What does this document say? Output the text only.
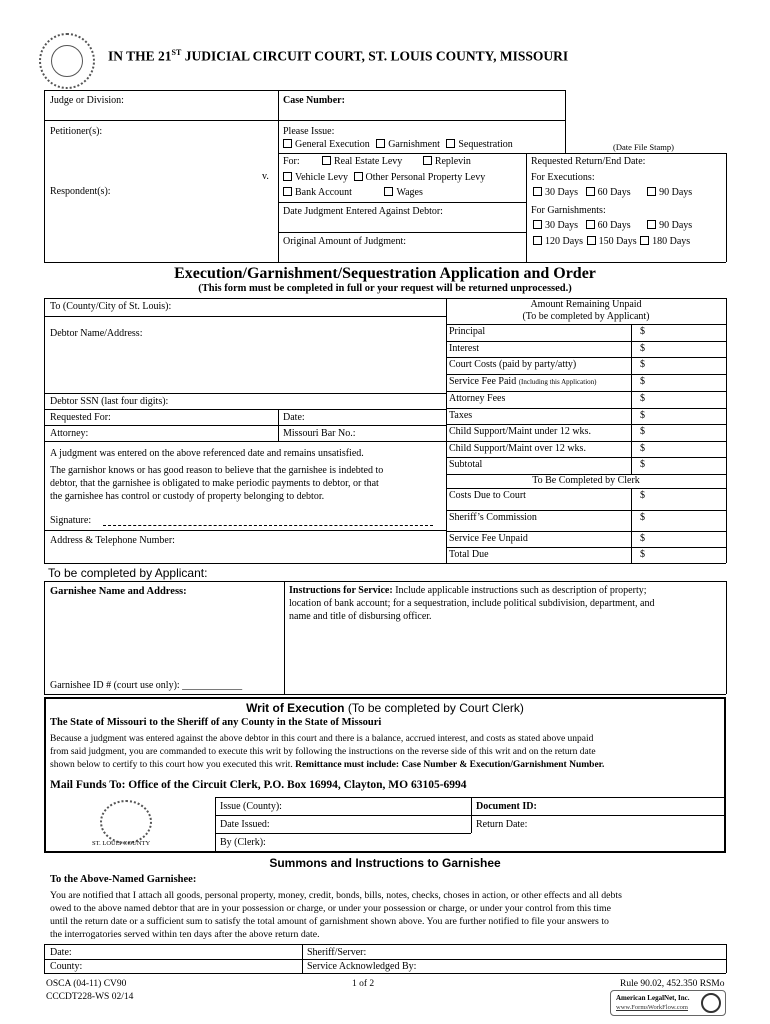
IN THE 21ST JUDICIAL CIRCUIT COURT, ST. LOUIS COUNTY, MISSOURI
Judge or Division:	Case Number:
Petitioner(s):	Please Issue:
General Execution Garnishment Sequestration	(Date File Stamp)
For:	Real Estate Levy	Replevin
v.	Vehicle Levy Other Personal Property Levy
Respondent(s):	Bank Account	Wages
Date Judgment Entered Against Debtor:
Original Amount of Judgment:
Requested Return/End Date:
For Executions:
30 Days 60 Days	90 Days
For Garnishments:
30 Days 60 Days	90 Days
120 Days 150 Days 180 Days
Execution/Garnishment/Sequestration Application and Order
(This form must be completed in full or your request will be returned unprocessed.)
To (County/City of St. Louis):	Amount Remaining Unpaid
(To be completed by Applicant)
Debtor Name/Address:
Debtor SSN (last four digits):
Requested For:	Date:
Attorney:	Missouri Bar No.:
A judgment was entered on the above referenced date and remains unsatisfied.
The garnishor knows or has good reason to believe that the garnishee is indebted to
debtor, that the garnishee is obligated to make periodic payments to debtor, or that
the garnishee has control or custody of property belonging to debtor.
Signature:
Address & Telephone Number:
Principal	$
Interest	$
Court Costs (paid by party/atty)	$
Service Fee Paid (Including this Application)	$
Attorney Fees	$
Taxes	$
Child Support/Maint under 12 wks.	$
Child Support/Maint over 12 wks.	$
Subtotal	$
Costs Due to Court	$
Sheriff’s Commission	$
Service Fee Unpaid	$
Total Due	$
To Be Completed by Clerk
To be completed by Applicant:
Garnishee Name and Address:	Instructions for Service: Include applicable instructions such as description of property;
location of bank account; for a sequestration, include political subdivision, department, and
name and title of disbursing officer.
Garnishee ID # (court use only): ____________
Writ of Execution (To be completed by Court Clerk)
The State of Missouri to the Sheriff of any County in the State of Missouri
Because a judgment was entered against the above debtor in this court and there is a balance, accrued interest, and costs as stated above unpaid
from said judgment, you are commanded to execute this writ by following the instructions on the reverse side of this writ and on the return date
shown below to certify to this court how you executed this writ. Remittance must include: Case Number & Execution/Garnishment Number.
Mail Funds To: Office of the Circuit Clerk, P.O. Box 16994, Clayton, MO 63105-6994
ST. LOUIS COUNTY
Issue (County):	Document ID:
Date Issued:	Return Date:
By (Clerk):
Summons and Instructions to Garnishee
To the Above-Named Garnishee:
You are notified that I attach all goods, personal property, money, credit, bonds, bills, notes, checks, choses in action, or other effects and all debts
owed to the above named debtor that are in your possession or charge, or under your possession or charge, or under your control from this time
until the return date or a sufficient sum to satisfy the total amount of garnishment shown above. You are further notified to file your answers to
the interrogatories served within ten days after the above return date.
Date:	Sheriff/Server:
County:	Service Acknowledged By:
OSCA (04-11) CV90	1 of 2	Rule 90.02, 452.350 RSMo
CCCDT228-WS 02/14	American LegalNet, Inc.
www.FormsWorkFlow.com
